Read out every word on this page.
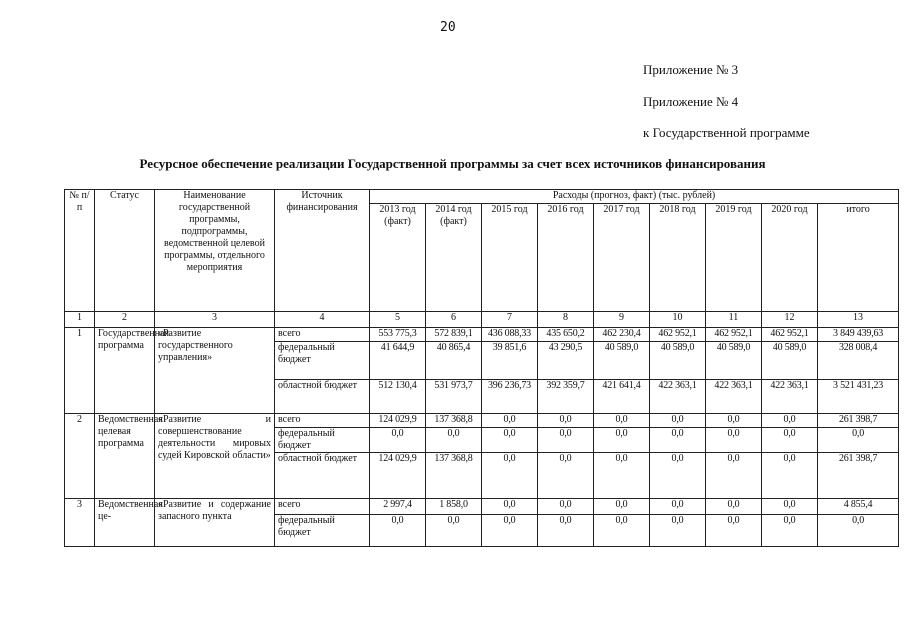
20
Приложение № 3
Приложение № 4
к Государственной программе
Ресурсное обеспечение реализации Государственной программы за счет всех источников финансирования
№ п/п	Статус	Наименование государственной программы, подпрограммы, ведомственной целевой программы, отдельного мероприятия	Источник финансирования	Расходы (прогноз, факт) (тыс. рублей)								
				2013 год (факт)	2014 год (факт)	2015 год	2016 год	2017 год	2018 год	2019 год	2020 год	итого
1	2	3	4	5	6	7	8	9	10	11	12	13
1	Государственная программа	«Развитие государственного управления»	всего	553 775,3	572 839,1	436 088,33	435 650,2	462 230,4	462 952,1	462 952,1	462 952,1	3 849 439,63
			федеральный бюджет	41 644,9	40 865,4	39 851,6	43 290,5	40 589,0	40 589,0	40 589,0	40 589,0	328 008,4
			областной бюджет	512 130,4	531 973,7	396 236,73	392 359,7	421 641,4	422 363,1	422 363,1	422 363,1	3 521 431,23
2	Ведомственная целевая программа	«Развитие и совершенствование деятельности мировых судей Кировской области»	всего	124 029,9	137 368,8	0,0	0,0	0,0	0,0	0,0	0,0	261 398,7
			федеральный бюджет	0,0	0,0	0,0	0,0	0,0	0,0	0,0	0,0	0,0
			областной бюджет	124 029,9	137 368,8	0,0	0,0	0,0	0,0	0,0	0,0	261 398,7
3	Ведомственная це-	«Развитие и содержание запасного пункта	всего	2 997,4	1 858,0	0,0	0,0	0,0	0,0	0,0	0,0	4 855,4
			федеральный бюджет	0,0	0,0	0,0	0,0	0,0	0,0	0,0	0,0	0,0
